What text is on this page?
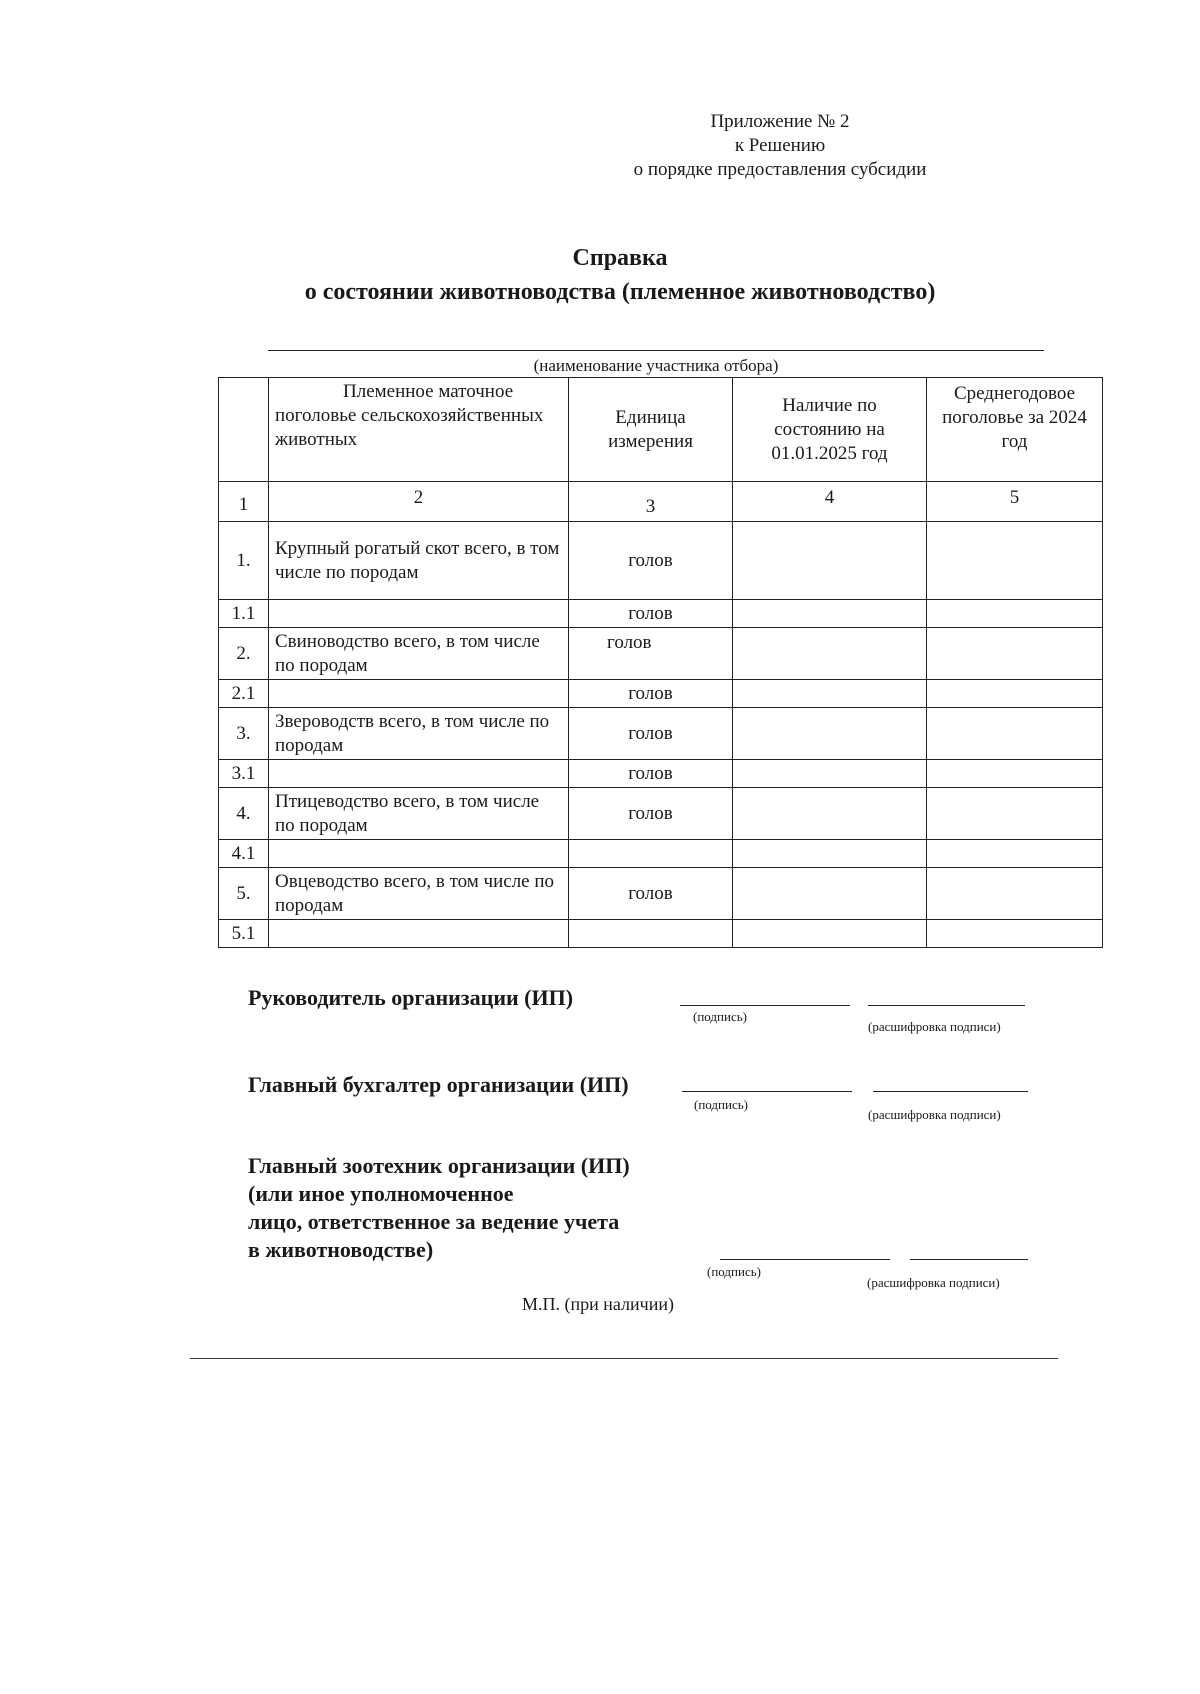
Приложение № 2
к Решению
о порядке предоставления субсидии
Справка
о состоянии животноводства (племенное животноводство)
(наименование участника отбора)

	Племенное маточное поголовье сельскохозяйственных животных	Единица измерения	Наличие по состоянию на 01.01.2025 год	Среднегодовое поголовье за 2024 год
1	2	3	4	5
1.	Крупный рогатый скот всего, в том числе по породам	голов		
1.1		голов		
2.	Свиноводство всего, в том числе по породам	голов		
2.1		голов		
3.	Звероводств всего, в том числе по породам	голов		
3.1		голов		
4.	Птицеводство всего, в том числе по породам	голов		
4.1				
5.	Овцеводство всего, в том числе по породам	голов		
5.1				
Руководитель организации (ИП)
(подпись)
(расшифровка подписи)
Главный бухгалтер организации (ИП)
(подпись)
(расшифровка подписи)
Главный зоотехник организации (ИП)
(или иное уполномоченное
лицо, ответственное за ведение учета
в животноводстве)
(подпись)
(расшифровка подписи)
М.П. (при наличии)
